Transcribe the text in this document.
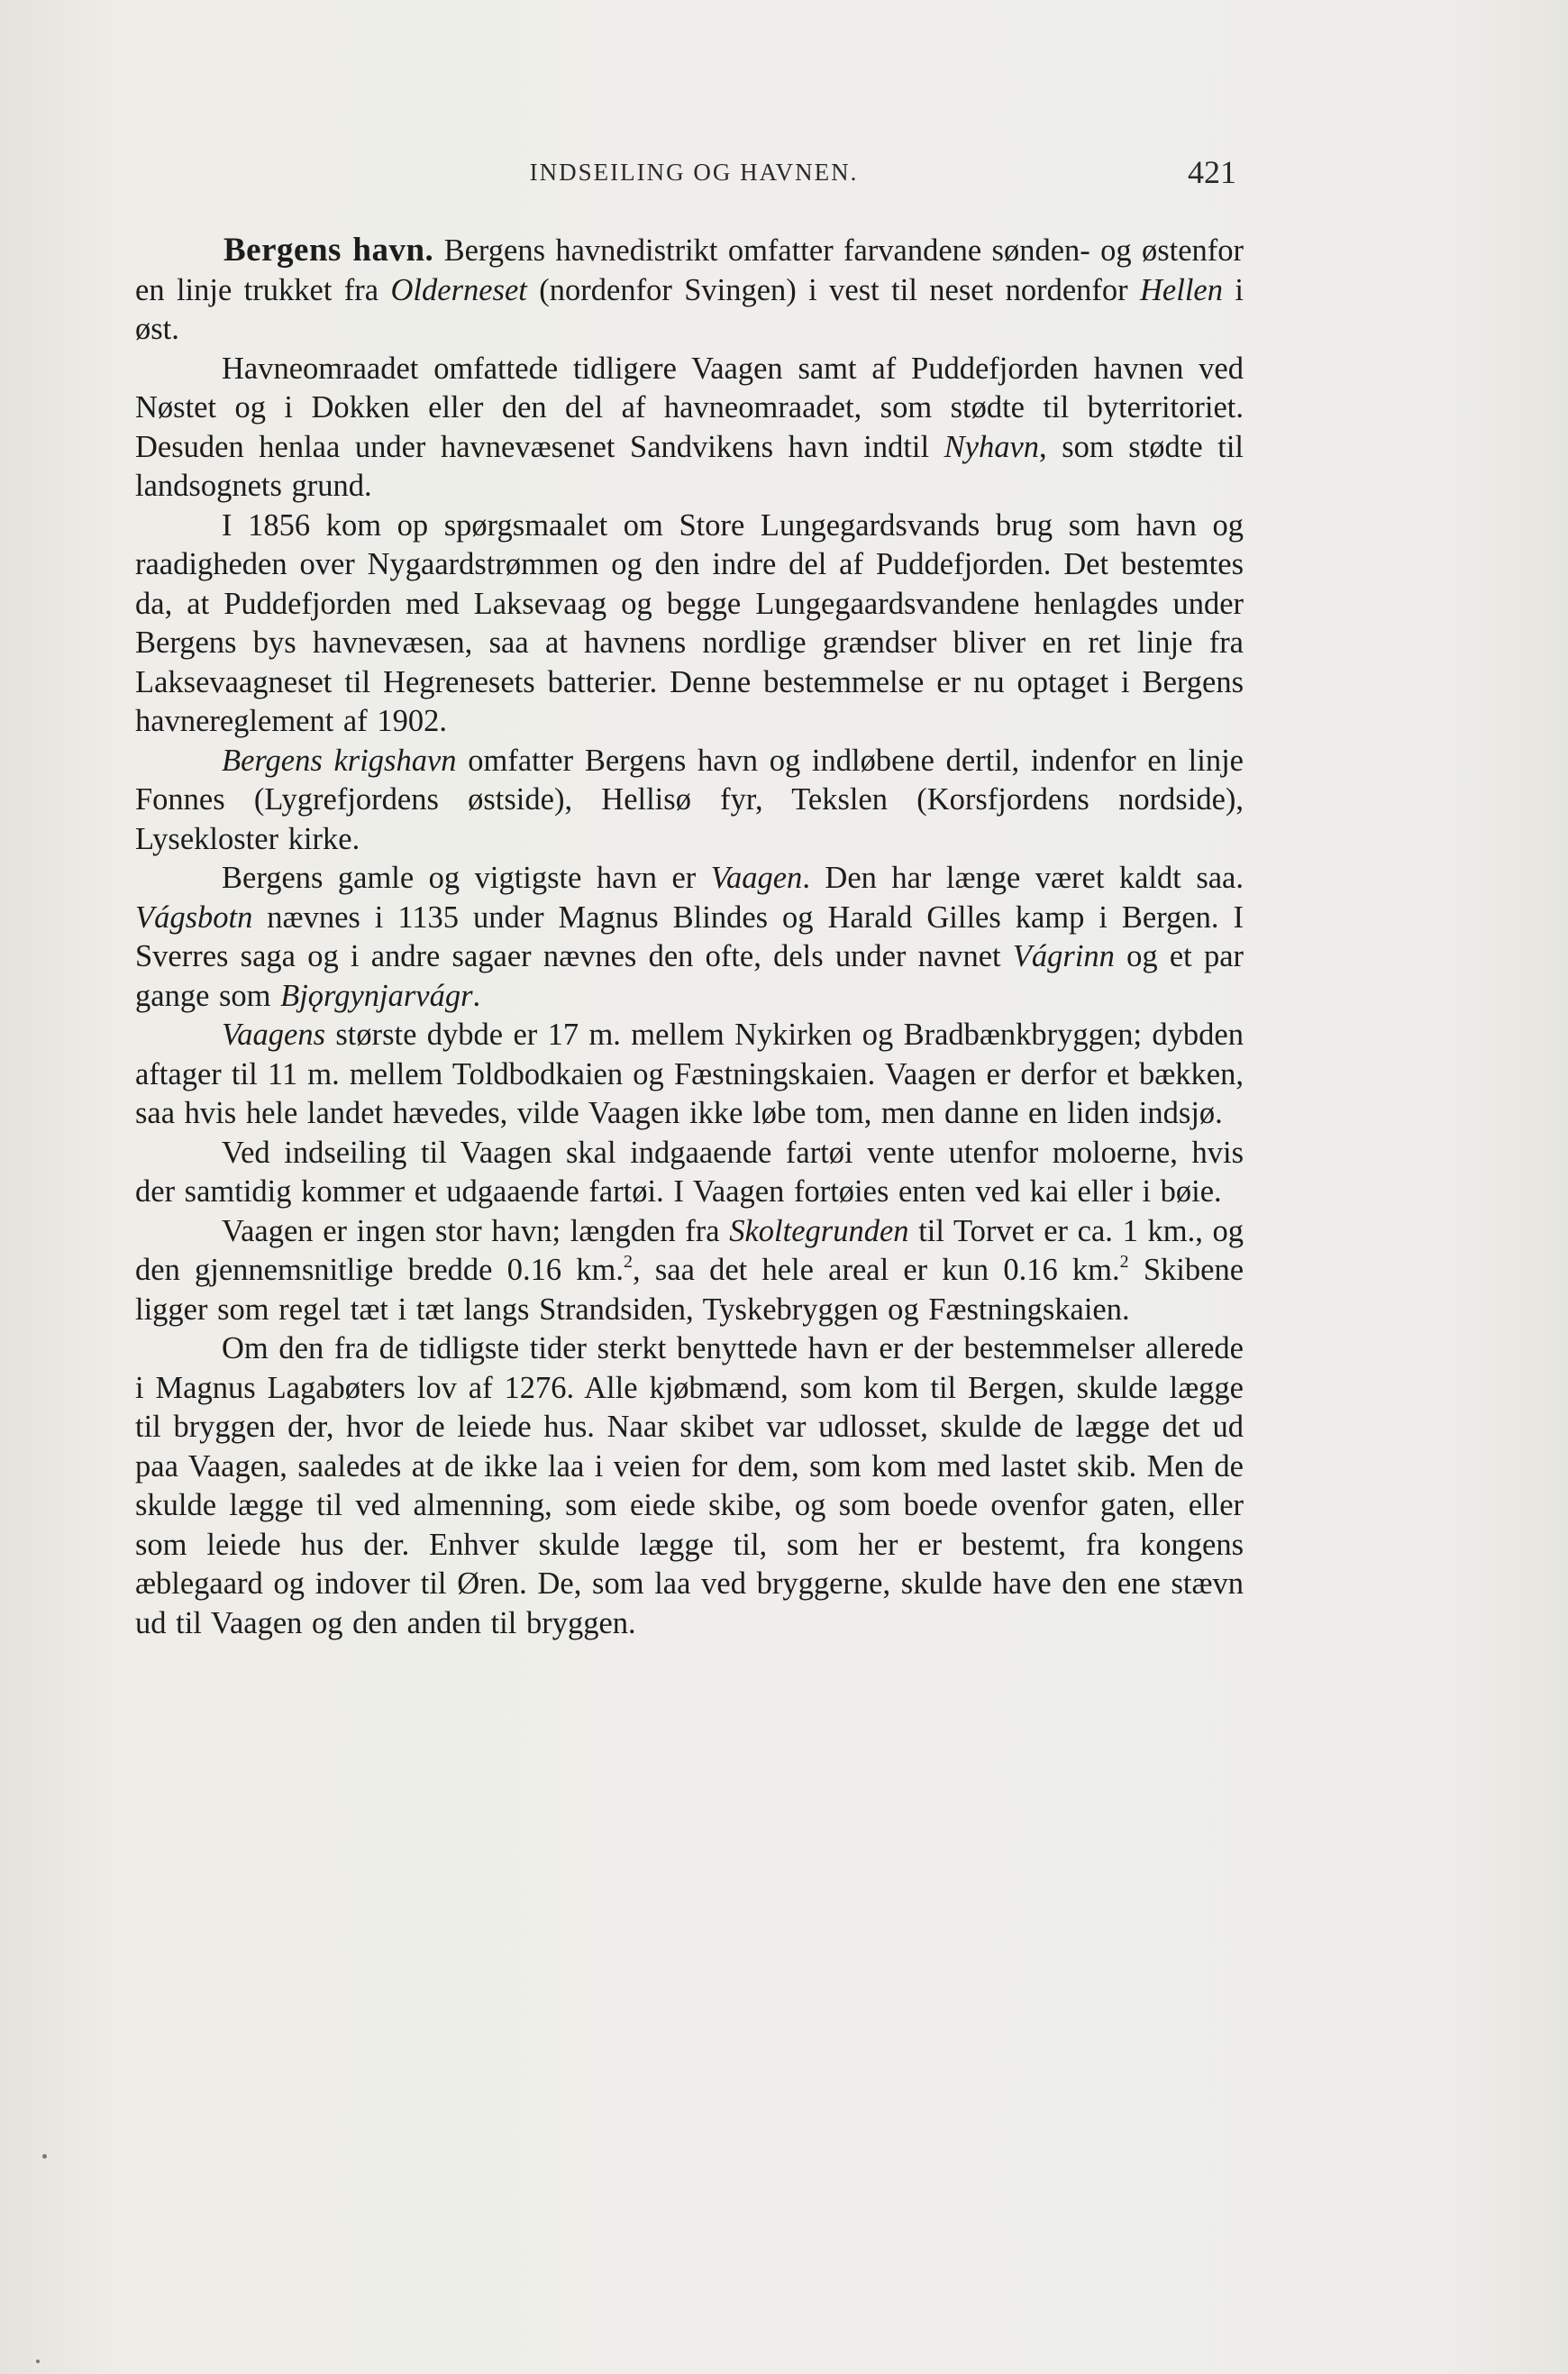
INDSEILING OG HAVNEN.	421

Bergens havn. Bergens havnedistrikt omfatter farvandene sønden- og østenfor en linje trukket fra Olderneset (nordenfor Svingen) i vest til neset nordenfor Hellen i øst.

Havneomraadet omfattede tidligere Vaagen samt af Puddefjorden havnen ved Nøstet og i Dokken eller den del af havneomraadet, som stødte til byterritoriet. Desuden henlaa under havnevæsenet Sandvikens havn indtil Nyhavn, som stødte til landsognets grund.

I 1856 kom op spørgsmaalet om Store Lungegardsvands brug som havn og raadigheden over Nygaardstrømmen og den indre del af Puddefjorden. Det bestemtes da, at Puddefjorden med Laksevaag og begge Lungegaardsvandene henlagdes under Bergens bys havnevæsen, saa at havnens nordlige grændser bliver en ret linje fra Laksevaagneset til Hegrenesets batterier. Denne bestemmelse er nu optaget i Bergens havnereglement af 1902.

Bergens krigshavn omfatter Bergens havn og indløbene dertil, indenfor en linje Fonnes (Lygrefjordens østside), Hellisø fyr, Tekslen (Korsfjordens nordside), Lysekloster kirke.

Bergens gamle og vigtigste havn er Vaagen. Den har længe været kaldt saa. Vágsbotn nævnes i 1135 under Magnus Blindes og Harald Gilles kamp i Bergen. I Sverres saga og i andre sagaer nævnes den ofte, dels under navnet Vágrinn og et par gange som Bjǫrgynjarvágr.

Vaagens største dybde er 17 m. mellem Nykirken og Bradbænkbryggen; dybden aftager til 11 m. mellem Toldbodkaien og Fæstningskaien. Vaagen er derfor et bækken, saa hvis hele landet hævedes, vilde Vaagen ikke løbe tom, men danne en liden indsjø.

Ved indseiling til Vaagen skal indgaaende fartøi vente utenfor moloerne, hvis der samtidig kommer et udgaaende fartøi. I Vaagen fortøies enten ved kai eller i bøie.

Vaagen er ingen stor havn; længden fra Skoltegrunden til Torvet er ca. 1 km., og den gjennemsnitlige bredde 0.16 km.$^2$, saa det hele areal er kun 0.16 km.$^2$ Skibene ligger som regel tæt i tæt langs Strandsiden, Tyskebryggen og Fæstningskaien.

Om den fra de tidligste tider sterkt benyttede havn er der bestemmelser allerede i Magnus Lagabøters lov af 1276. Alle kjøbmænd, som kom til Bergen, skulde lægge til bryggen der, hvor de leiede hus. Naar skibet var udlosset, skulde de lægge det ud paa Vaagen, saaledes at de ikke laa i veien for dem, som kom med lastet skib. Men de skulde lægge til ved almenning, som eiede skibe, og som boede ovenfor gaten, eller som leiede hus der. Enhver skulde lægge til, som her er bestemt, fra kongens æblegaard og indover til Øren. De, som laa ved bryggerne, skulde have den ene stævn ud til Vaagen og den anden til bryggen.
